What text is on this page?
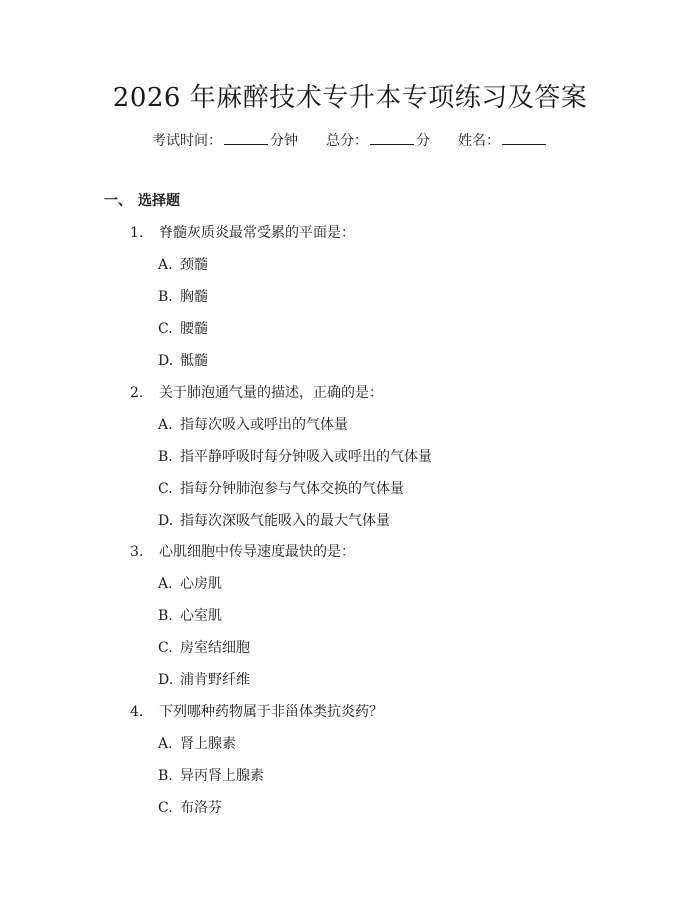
2026 年麻醉技术专升本专项练习及答案
考试时间：	分钟 总分：	分 姓名：
一、 选择题
1. 脊髓灰质炎最常受累的平面是：
A. 颈髓
B. 胸髓
C. 腰髓
D. 骶髓
2. 关于肺泡通气量的描述，正确的是：
A. 指每次吸入或呼出的气体量
B. 指平静呼吸时每分钟吸入或呼出的气体量
C. 指每分钟肺泡参与气体交换的气体量
D. 指每次深吸气能吸入的最大气体量
3. 心肌细胞中传导速度最快的是：
A. 心房肌
B. 心室肌
C. 房室结细胞
D. 浦肯野纤维
4. 下列哪种药物属于非甾体类抗炎药？
A. 肾上腺素
B. 异丙肾上腺素
C. 布洛芬
